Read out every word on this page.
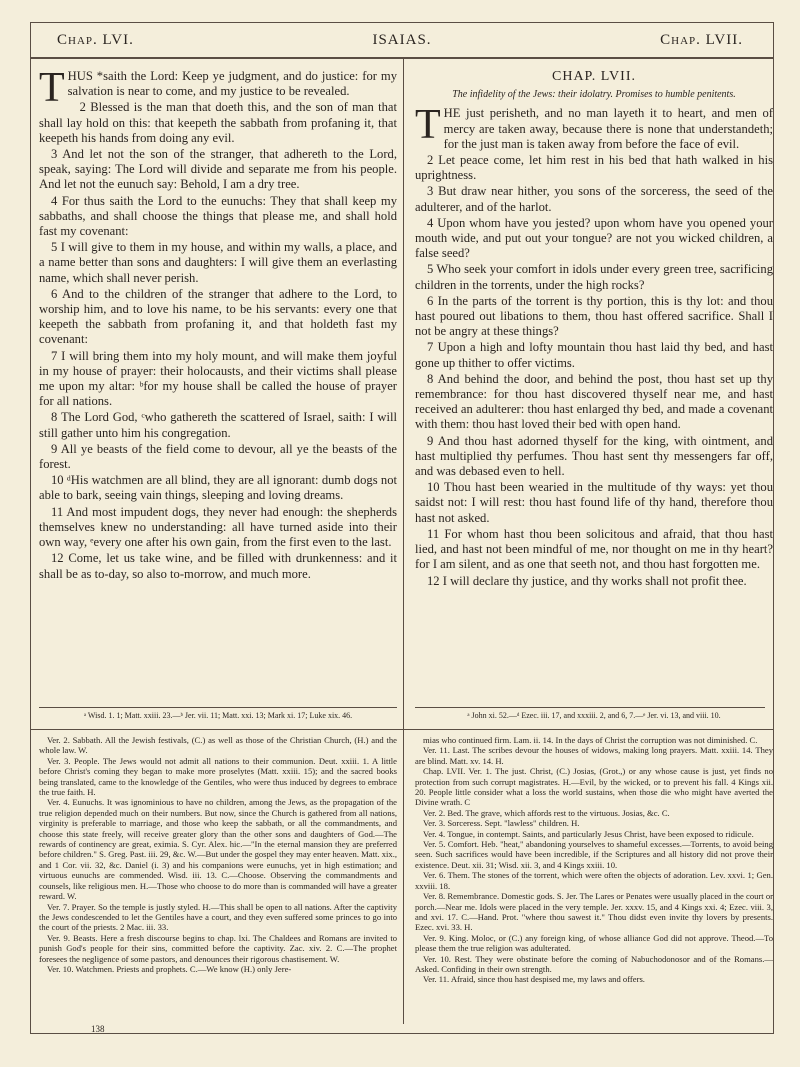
Chap. LVI.	ISAIAS.	Chap. LVII.

THUS *saith the Lord: Keep ye judgment, and do justice: for my salvation is near to come, and my justice to be revealed.

2 Blessed is the man that doeth this, and the son of man that shall lay hold on this: that keepeth the sabbath from profaning it, that keepeth his hands from doing any evil.

3 And let not the son of the stranger, that adhereth to the Lord, speak, saying: The Lord will divide and separate me from his people. And let not the eunuch say: Behold, I am a dry tree.

4 For thus saith the Lord to the eunuchs: They that shall keep my sabbaths, and shall choose the things that please me, and shall hold fast my covenant:

5 I will give to them in my house, and within my walls, a place, and a name better than sons and daughters: I will give them an everlasting name, which shall never perish.

6 And to the children of the stranger that adhere to the Lord, to worship him, and to love his name, to be his servants: every one that keepeth the sabbath from profaning it, and that holdeth fast my covenant:

7 I will bring them into my holy mount, and will make them joyful in my house of prayer: their holocausts, and their victims shall please me upon my altar: ᵇfor my house shall be called the house of prayer for all nations.

8 The Lord God, ᶜwho gathereth the scattered of Israel, saith: I will still gather unto him his congregation.

9 All ye beasts of the field come to devour, all ye the beasts of the forest.

10 ᵈHis watchmen are all blind, they are all ignorant: dumb dogs not able to bark, seeing vain things, sleeping and loving dreams.

11 And most impudent dogs, they never had enough: the shepherds themselves knew no understanding: all have turned aside into their own way, ᵉevery one after his own gain, from the first even to the last.

12 Come, let us take wine, and be filled with drunkenness: and it shall be as to-day, so also to-morrow, and much more.

CHAP. LVII.

The infidelity of the Jews: their idolatry. Promises to humble penitents.

THE just perisheth, and no man layeth it to heart, and men of mercy are taken away, because there is none that understandeth; for the just man is taken away from before the face of evil.

2 Let peace come, let him rest in his bed that hath walked in his uprightness.

3 But draw near hither, you sons of the sorceress, the seed of the adulterer, and of the harlot.

4 Upon whom have you jested? upon whom have you opened your mouth wide, and put out your tongue? are not you wicked children, a false seed?

5 Who seek your comfort in idols under every green tree, sacrificing children in the torrents, under the high rocks?

6 In the parts of the torrent is thy portion, this is thy lot: and thou hast poured out libations to them, thou hast offered sacrifice. Shall I not be angry at these things?

7 Upon a high and lofty mountain thou hast laid thy bed, and hast gone up thither to offer victims.

8 And behind the door, and behind the post, thou hast set up thy remembrance: for thou hast discovered thyself near me, and hast received an adulterer: thou hast enlarged thy bed, and made a covenant with them: thou hast loved their bed with open hand.

9 And thou hast adorned thyself for the king, with ointment, and hast multiplied thy perfumes. Thou hast sent thy messengers far off, and was debased even to hell.

10 Thou hast been wearied in the multitude of thy ways: yet thou saidst not: I will rest: thou hast found life of thy hand, therefore thou hast not asked.

11 For whom hast thou been solicitous and afraid, that thou hast lied, and hast not been mindful of me, nor thought on me in thy heart? for I am silent, and as one that seeth not, and thou hast forgotten me.

12 I will declare thy justice, and thy works shall not profit thee.

ᵃ Wisd. 1. 1; Matt. xxiii. 23.—ᵇ Jer. vii. 11; Matt. xxi. 13; Mark xi. 17; Luke xix. 46.	ᵃ John xi. 52.—ᵈ Ezec. iii. 17, and xxxiii. 2, and 6, 7.—ᵉ Jer. vi. 13, and viii. 10.

Ver. 2. Sabbath. All the Jewish festivals, (C.) as well as those of the Christian Church, (H.) and the whole law. W.

Ver. 3. People. The Jews would not admit all nations to their communion. Deut. xxiii. 1. A little before Christ's coming they began to make more proselytes (Matt. xxiii. 15); and the sacred books being translated, came to the knowledge of the Gentiles, who were thus induced by degrees to embrace the true faith. H.

Ver. 4. Eunuchs. It was ignominious to have no children, among the Jews, as the propagation of the true religion depended much on their numbers. But now, since the Church is gathered from all nations, virginity is preferable to marriage, and those who keep the sabbath, or all the commandments, and choose this state freely, will receive greater glory than the other sons and daughters of God.—The rewards of continency are great, eximia. S. Cyr. Alex. hic.—"In the eternal mansion they are preferred before children." S. Greg. Past. iii. 29, &c. W.—But under the gospel they may enter heaven. Matt. xix., and 1 Cor. vii. 32, &c. Daniel (i. 3) and his companions were eunuchs, yet in high estimation; and virtuous eunuchs are commended. Wisd. iii. 13. C.—Choose. Observing the commandments and counsels, like religious men. H.—Those who choose to do more than is commanded will have a greater reward. W.

Ver. 7. Prayer. So the temple is justly styled. H.—This shall be open to all nations. After the captivity the Jews condescended to let the Gentiles have a court, and they even suffered some princes to go into the court of the priests. 2 Mac. iii. 33.

Ver. 9. Beasts. Here a fresh discourse begins to chap. lxi. The Chaldees and Romans are invited to punish God's people for their sins, committed before the captivity. Zac. xiv. 2. C.—The prophet foresees the negligence of some pastors, and denounces their rigorous chastisement. W.

Ver. 10. Watchmen. Priests and prophets. C.—We know (H.) only Jere-

mias who continued firm. Lam. ii. 14. In the days of Christ the corruption was not diminished. C.

Ver. 11. Last. The scribes devour the houses of widows, making long prayers. Matt. xxiii. 14. They are blind. Matt. xv. 14. H.

Chap. LVII. Ver. 1. The just. Christ, (C.) Josias, (Grot.,) or any whose cause is just, yet finds no protection from such corrupt magistrates. H.—Evil, by the wicked, or to prevent his fall. 4 Kings xii. 20. People little consider what a loss the world sustains, when those die who might have averted the Divine wrath. C

Ver. 2. Bed. The grave, which affords rest to the virtuous. Josias, &c. C.

Ver. 3. Sorceress. Sept. "lawless" children. H.

Ver. 4. Tongue, in contempt. Saints, and particularly Jesus Christ, have been exposed to ridicule.

Ver. 5. Comfort. Heb. "heat," abandoning yourselves to shameful excesses.—Torrents, to avoid being seen. Such sacrifices would have been incredible, if the Scriptures and all history did not prove their existence. Deut. xii. 31; Wisd. xii. 3, and 4 Kings xxiii. 10.

Ver. 6. Them. The stones of the torrent, which were often the objects of adoration. Lev. xxvi. 1; Gen. xxviii. 18.

Ver. 8. Remembrance. Domestic gods. S. Jer. The Lares or Penates were usually placed in the court or porch.—Near me. Idols were placed in the very temple. Jer. xxxv. 15, and 4 Kings xxi. 4; Ezec. viii. 3, and xvi. 17. C.—Hand. Prot. "where thou sawest it." Thou didst even invite thy lovers by presents. Ezec. xvi. 33. H.

Ver. 9. King. Moloc, or (C.) any foreign king, of whose alliance God did not approve. Theod.—To please them the true religion was adulterated.

Ver. 10. Rest. They were obstinate before the coming of Nabuchodonosor and of the Romans.—Asked. Confiding in their own strength.

Ver. 11. Afraid, since thou hast despised me, my laws and offers.

138
